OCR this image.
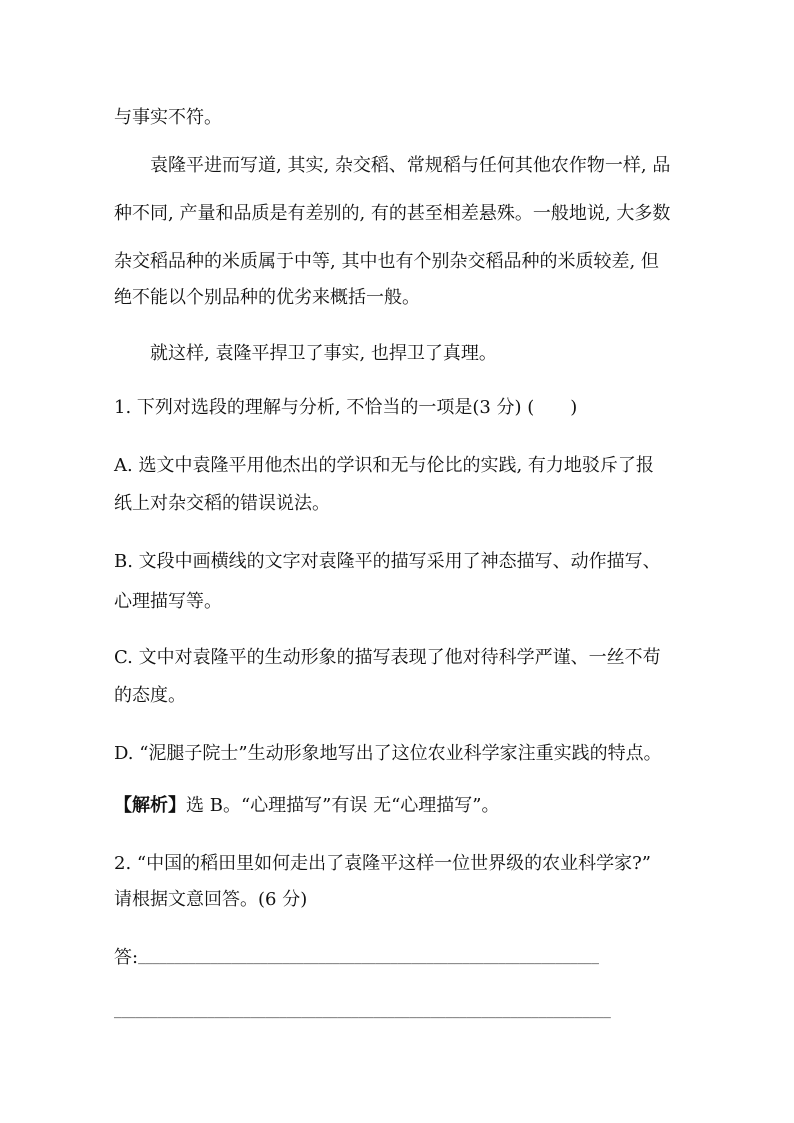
与事实不符。
袁隆平进而写道, 其实, 杂交稻、常规稻与任何其他农作物一样, 品
种不同, 产量和品质是有差别的, 有的甚至相差悬殊。一般地说, 大多数
杂交稻品种的米质属于中等, 其中也有个别杂交稻品种的米质较差, 但
绝不能以个别品种的优劣来概括一般。
就这样, 袁隆平捍卫了事实, 也捍卫了真理。
1. 下列对选段的理解与分析, 不恰当的一项是(3 分) (　　)
A. 选文中袁隆平用他杰出的学识和无与伦比的实践, 有力地驳斥了报
纸上对杂交稻的错误说法。
B. 文段中画横线的文字对袁隆平的描写采用了神态描写、动作描写、
心理描写等。
C. 文中对袁隆平的生动形象的描写表现了他对待科学严谨、一丝不苟
的态度。
D. “泥腿子院士”生动形象地写出了这位农业科学家注重实践的特点。
【解析】选 B。“心理描写”有误 无“心理描写”。
2. “中国的稻田里如何走出了袁隆平这样一位世界级的农业科学家?”
请根据文意回答。(6 分)
答:________________________________________________________________
_____________________________________________________________________
